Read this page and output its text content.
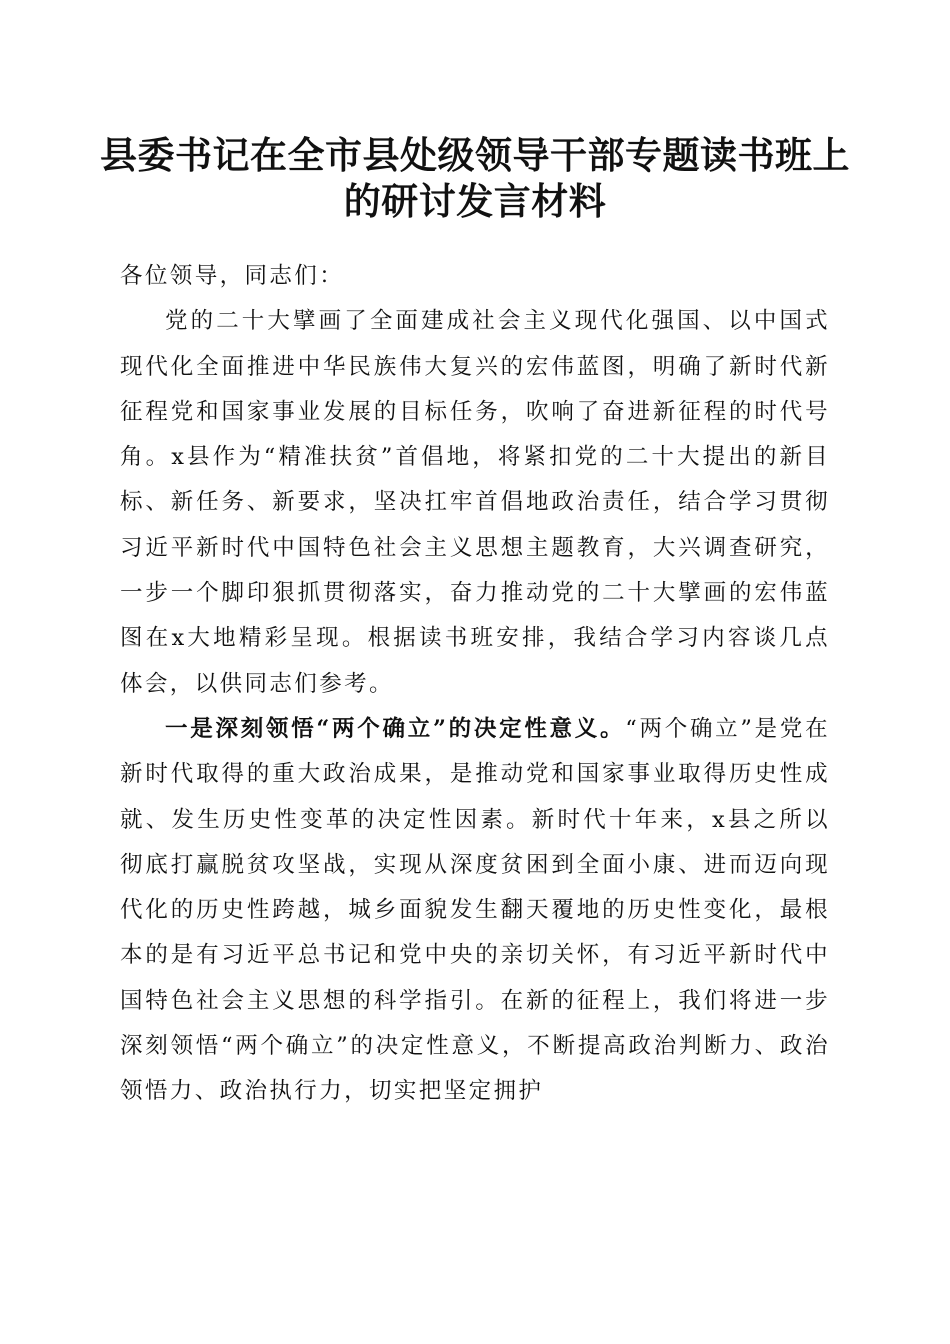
县委书记在全市县处级领导干部专题读书班上
的研讨发言材料

各位领导，同志们：

党的二十大擘画了全面建成社会主义现代化强国、以中国式现代化全面推进中华民族伟大复兴的宏伟蓝图，明确了新时代新征程党和国家事业发展的目标任务，吹响了奋进新征程的时代号角。x县作为“精准扶贫”首倡地，将紧扣党的二十大提出的新目标、新任务、新要求，坚决扛牢首倡地政治责任，结合学习贯彻习近平新时代中国特色社会主义思想主题教育，大兴调查研究，一步一个脚印狠抓贯彻落实，奋力推动党的二十大擘画的宏伟蓝图在x大地精彩呈现。根据读书班安排，我结合学习内容谈几点体会，以供同志们参考。

一是深刻领悟“两个确立”的决定性意义。“两个确立”是党在新时代取得的重大政治成果，是推动党和国家事业取得历史性成就、发生历史性变革的决定性因素。新时代十年来，x县之所以彻底打赢脱贫攻坚战，实现从深度贫困到全面小康、进而迈向现代化的历史性跨越，城乡面貌发生翻天覆地的历史性变化，最根本的是有习近平总书记和党中央的亲切关怀，有习近平新时代中国特色社会主义思想的科学指引。在新的征程上，我们将进一步深刻领悟“两个确立”的决定性意义，不断提高政治判断力、政治领悟力、政治执行力，切实把坚定拥护
